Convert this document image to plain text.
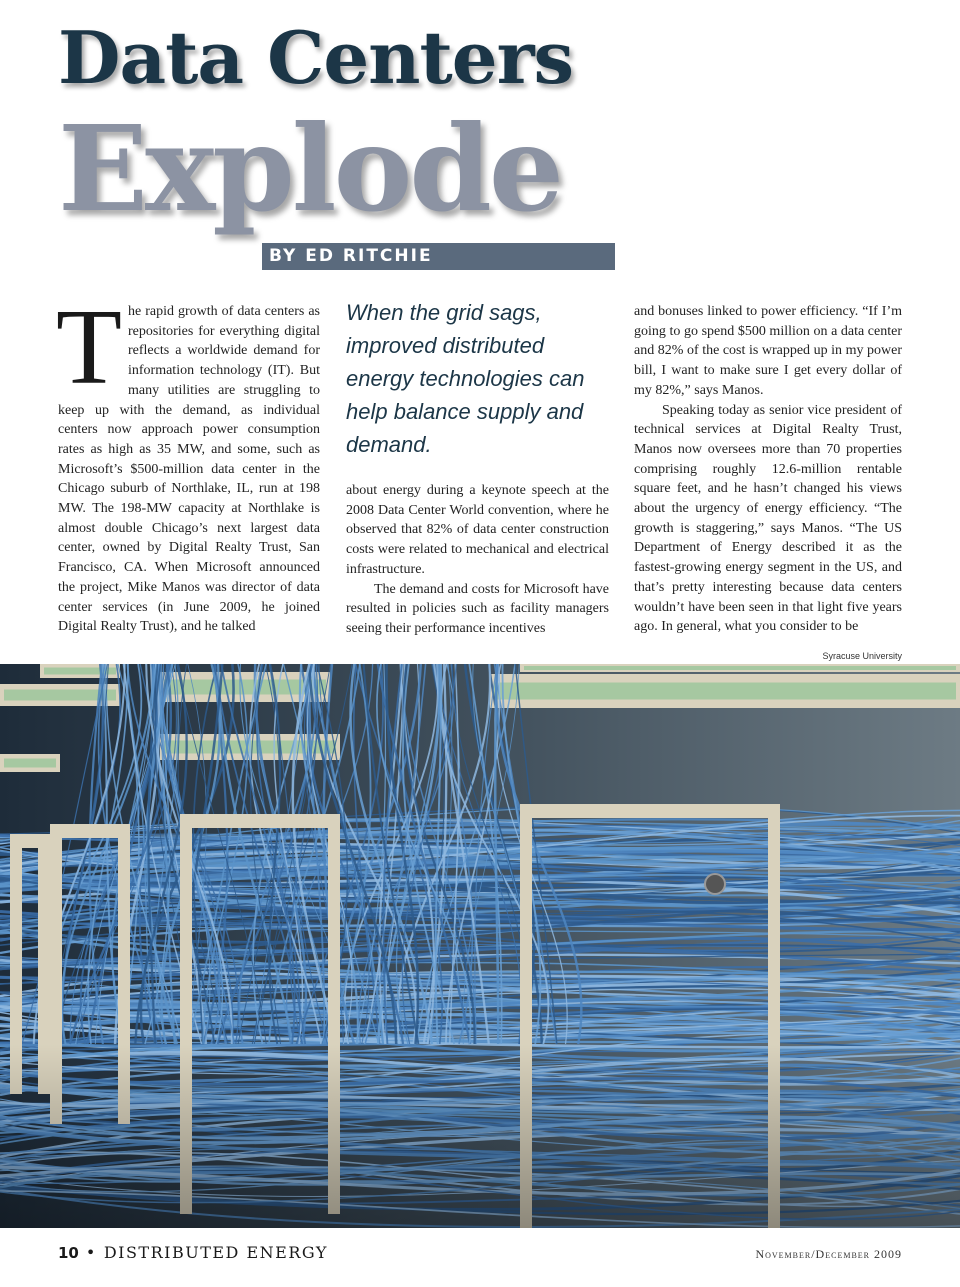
Data Centers
Explode
BY ED RITCHIE
T he rapid growth of data centers as repositories for everything digital reflects a worldwide demand for information technology (IT). But many utilities are struggling to keep up with the demand, as individual centers now approach power consumption rates as high as 35 MW, and some, such as Microsoft’s $500-million data center in the Chicago suburb of Northlake, IL, run at 198 MW. The 198-MW capacity at Northlake is almost double Chicago’s next largest data center, owned by Digital Realty Trust, San Francisco, CA. When Microsoft announced the project, Mike Manos was director of data center services (in June 2009, he joined Digital Realty Trust), and he talked

When the grid sags, improved distributed energy technologies can help balance supply and demand.

about energy during a keynote speech at the 2008 Data Center World convention, where he observed that 82% of data center construction costs were related to mechanical and electrical infrastructure.

The demand and costs for Microsoft have resulted in policies such as facility managers seeing their performance incentives

and bonuses linked to power efficiency. “If I’m going to go spend $500 million on a data center and 82% of the cost is wrapped up in my power bill, I want to make sure I get every dollar of my 82%,” says Manos.

Speaking today as senior vice president of technical services at Digital Realty Trust, Manos now oversees more than 70 properties comprising roughly 12.6-million rentable square feet, and he hasn’t changed his views about the urgency of energy efficiency. “The growth is staggering,” says Manos. “The US Department of Energy described it as the fastest-growing energy segment in the US, and that’s pretty interesting because data centers wouldn’t have been seen in that light five years ago. In general, what you consider to be

Syracuse University
10 • DISTRIBUTED ENERGY	November/December 2009
